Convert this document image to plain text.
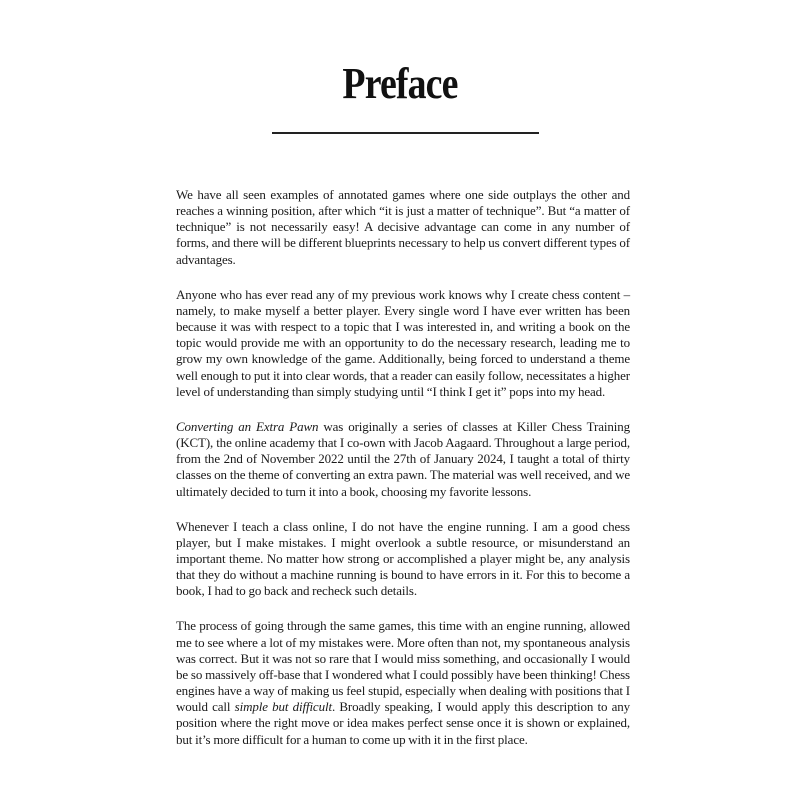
Preface

We have all seen examples of annotated games where one side outplays the other and reaches a winning position, after which “it is just a matter of technique”. But “a matter of technique” is not necessarily easy! A decisive advantage can come in any number of forms, and there will be different blueprints necessary to help us convert different types of advantages.

Anyone who has ever read any of my previous work knows why I create chess content – namely, to make myself a better player. Every single word I have ever written has been because it was with respect to a topic that I was interested in, and writing a book on the topic would provide me with an opportunity to do the necessary research, leading me to grow my own knowledge of the game. Additionally, being forced to understand a theme well enough to put it into clear words, that a reader can easily follow, necessitates a higher level of understanding than simply studying until “I think I get it” pops into my head.

Converting an Extra Pawn was originally a series of classes at Killer Chess Training (KCT), the online academy that I co-own with Jacob Aagaard. Throughout a large period, from the 2nd of November 2022 until the 27th of January 2024, I taught a total of thirty classes on the theme of converting an extra pawn. The material was well received, and we ultimately decided to turn it into a book, choosing my favorite lessons.

Whenever I teach a class online, I do not have the engine running. I am a good chess player, but I make mistakes. I might overlook a subtle resource, or misunderstand an important theme. No matter how strong or accomplished a player might be, any analysis that they do without a machine running is bound to have errors in it. For this to become a book, I had to go back and recheck such details.

The process of going through the same games, this time with an engine running, allowed me to see where a lot of my mistakes were. More often than not, my spontaneous analysis was correct. But it was not so rare that I would miss something, and occasionally I would be so massively off-base that I wondered what I could possibly have been thinking! Chess engines have a way of making us feel stupid, especially when dealing with positions that I would call simple but difficult. Broadly speaking, I would apply this description to any position where the right move or idea makes perfect sense once it is shown or explained, but it’s more difficult for a human to come up with it in the first place.
